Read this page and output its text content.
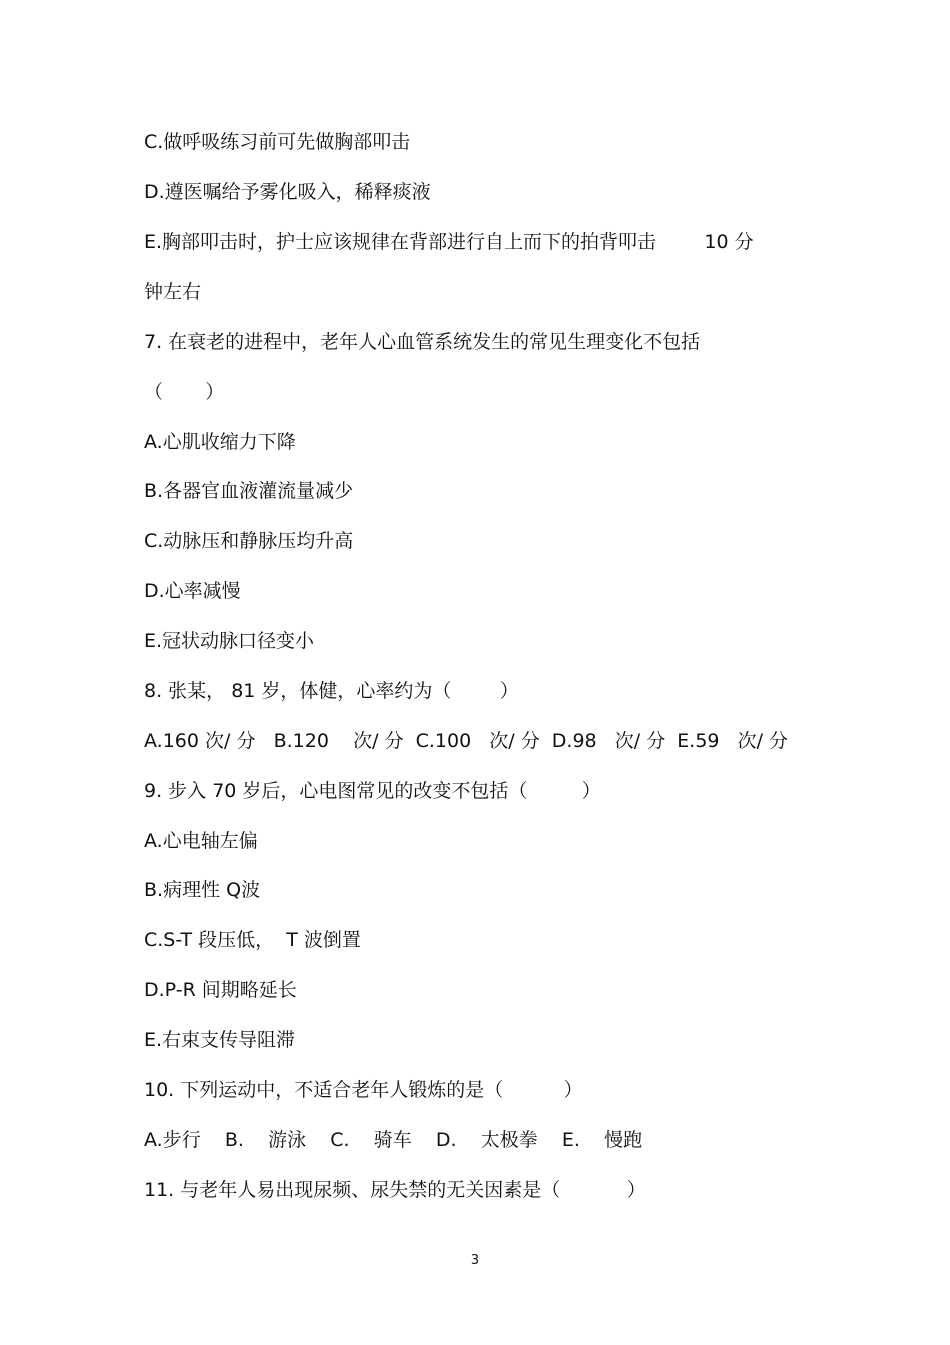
C.做呼吸练习前可先做胸部叩击
D.遵医嘱给予雾化吸入，稀释痰液
E.胸部叩击时，护士应该规律在背部进行自上而下的拍背叩击        10 分
钟左右
7. 在衰老的进程中，老年人心血管系统发生的常见生理变化不包括
（       ）
A.心肌收缩力下降
B.各器官血液灌流量减少
C.动脉压和静脉压均升高
D.心率减慢
E.冠状动脉口径变小
8. 张某， 81 岁，体健，心率约为（        ）
A.160 次/ 分   B.120    次/ 分  C.100   次/ 分  D.98   次/ 分  E.59   次/ 分
9. 步入 70 岁后，心电图常见的改变不包括（         ）
A.心电轴左偏
B.病理性 Q波
C.S-T 段压低，  T 波倒置
D.P-R 间期略延长
E.右束支传导阻滞
10. 下列运动中，不适合老年人锻炼的是（          ）
A.步行    B.    游泳    C.    骑车    D.    太极拳    E.    慢跑
11. 与老年人易出现尿频、尿失禁的无关因素是（           ）
3
